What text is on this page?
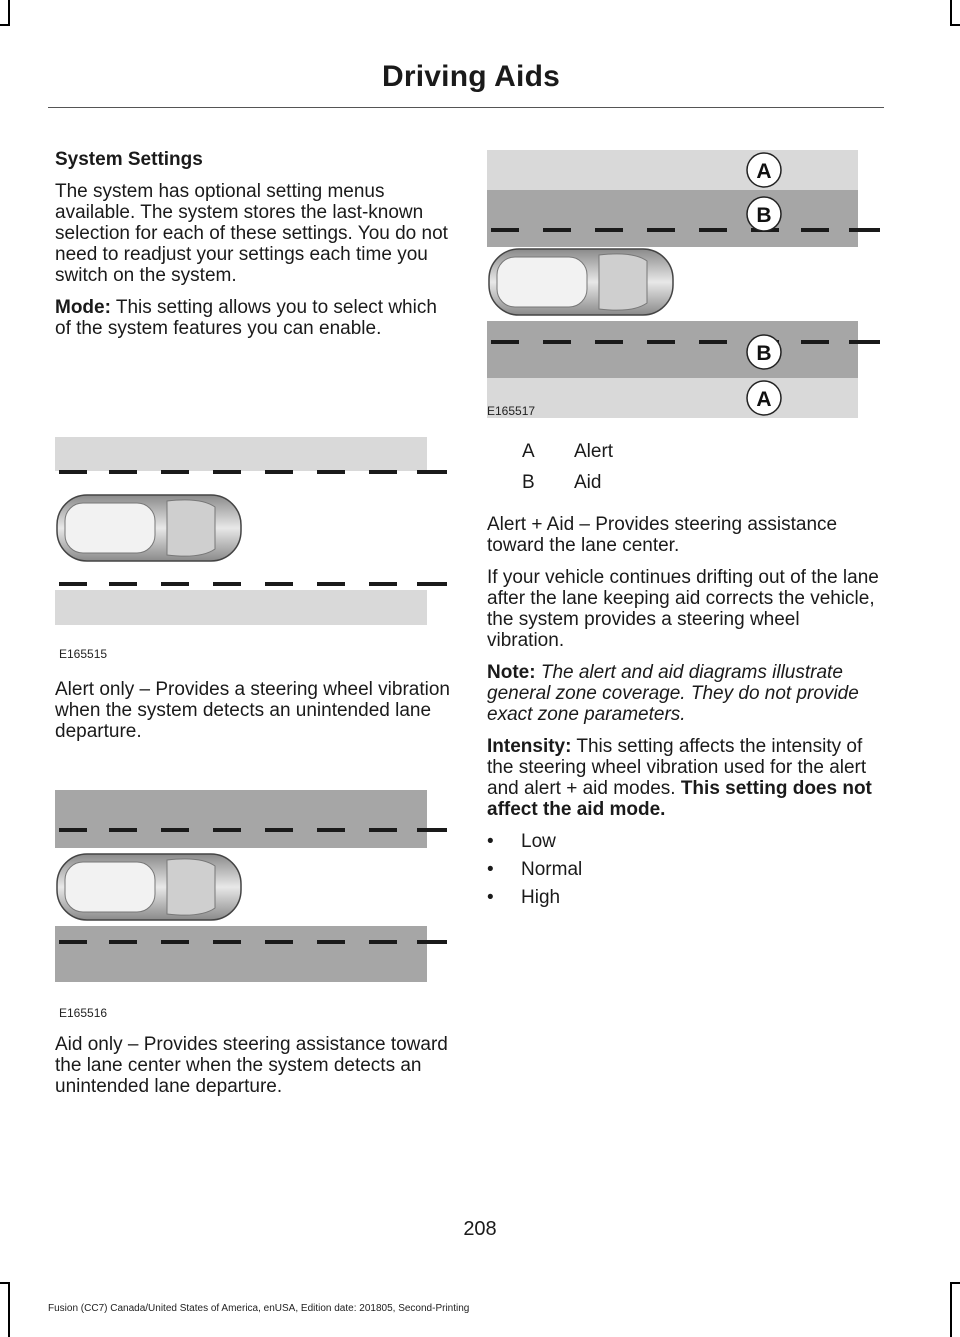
Driving Aids

System Settings

The system has optional setting menus available. The system stores the last-known selection for each of these settings. You do not need to readjust your settings each time you switch on the system.

Mode: This setting allows you to select which of the system features you can enable.

E165515

Alert only – Provides a steering wheel vibration when the system detects an unintended lane departure.

E165516

Aid only – Provides steering assistance toward the lane center when the system detects an unintended lane departure.

A
B
B
A
E165517
A Alert
B Aid

Alert + Aid – Provides steering assistance toward the lane center.

If your vehicle continues drifting out of the lane after the lane keeping aid corrects the vehicle, the system provides a steering wheel vibration.

Note: The alert and aid diagrams illustrate general zone coverage. They do not provide exact zone parameters.

Intensity: This setting affects the intensity of the steering wheel vibration used for the alert and alert + aid modes. This setting does not affect the aid mode.

• Low
• Normal
• High
208
Fusion (CC7) Canada/United States of America, enUSA, Edition date: 201805, Second-Printing
